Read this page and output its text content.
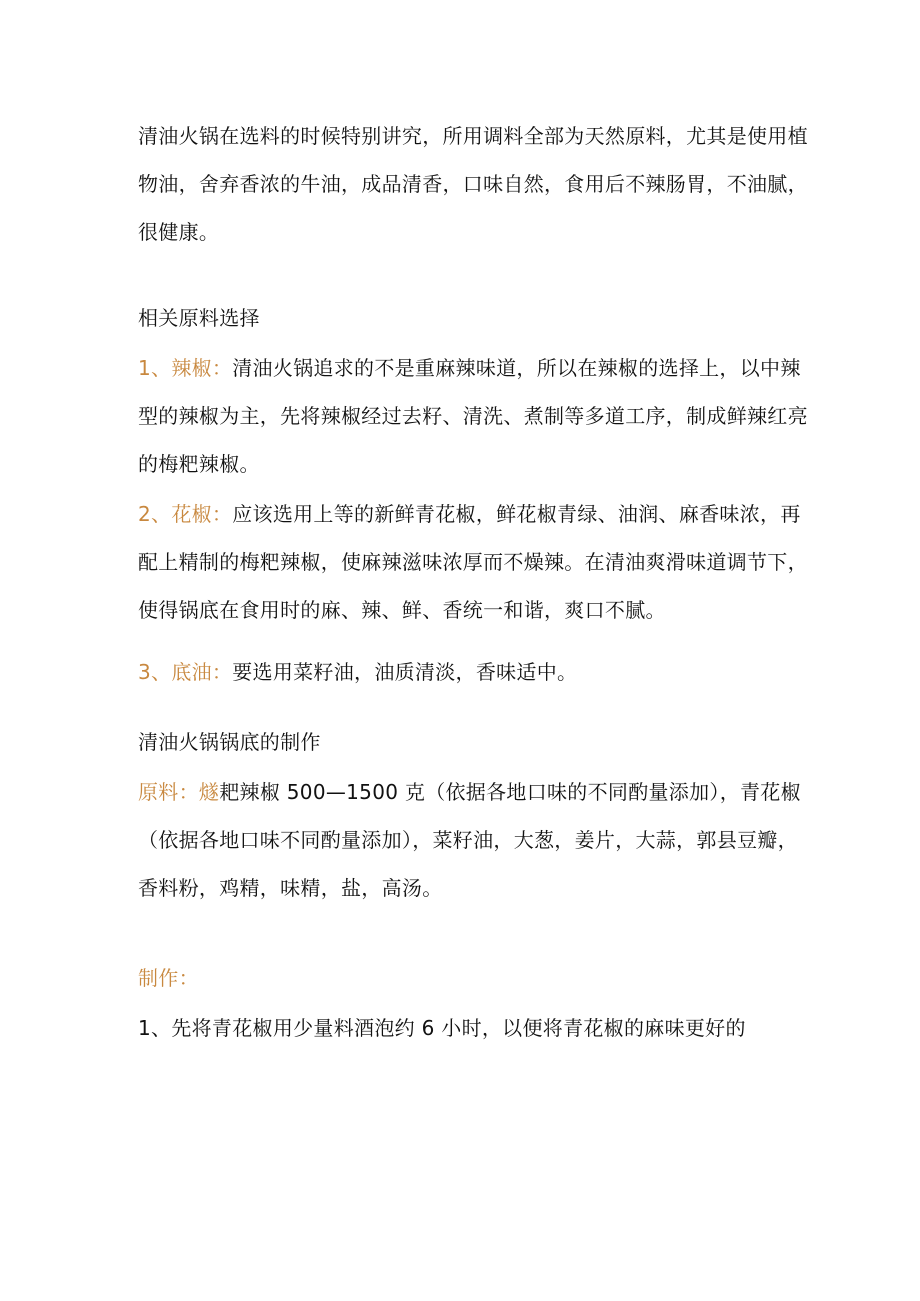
清油火锅在选料的时候特别讲究，所用调料全部为天然原料，尤其是使用植物油，舍弃香浓的牛油，成品清香，口味自然，食用后不辣肠胃，不油腻，很健康。

相关原料选择

1、辣椒：清油火锅追求的不是重麻辣味道，所以在辣椒的选择上，以中辣型的辣椒为主，先将辣椒经过去籽、清洗、煮制等多道工序，制成鲜辣红亮的梅粑辣椒。

2、花椒：应该选用上等的新鲜青花椒，鲜花椒青绿、油润、麻香味浓，再配上精制的梅粑辣椒，使麻辣滋味浓厚而不燥辣。在清油爽滑味道调节下，使得锅底在食用时的麻、辣、鲜、香统一和谐，爽口不腻。

3、底油：要选用菜籽油，油质清淡，香味适中。

清油火锅锅底的制作

原料：燧耙辣椒 500—1500 克（依据各地口味的不同酌量添加），青花椒（依据各地口味不同酌量添加），菜籽油，大葱，姜片，大蒜，郭县豆瓣，香料粉，鸡精，味精，盐，高汤。

制作：

1、先将青花椒用少量料酒泡约 6 小时，以便将青花椒的麻味更好的
